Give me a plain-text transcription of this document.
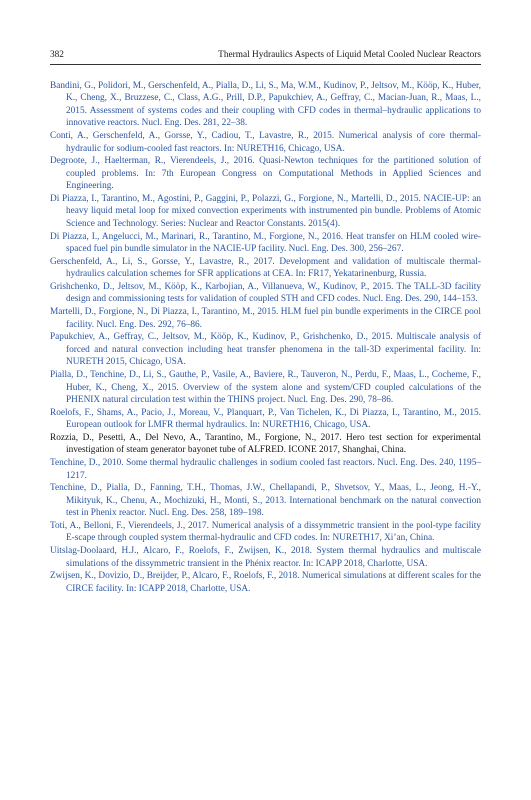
382	Thermal Hydraulics Aspects of Liquid Metal Cooled Nuclear Reactors

Bandini, G., Polidori, M., Gerschenfeld, A., Pialla, D., Li, S., Ma, W.M., Kudinov, P., Jeltsov, M., Kööp, K., Huber, K., Cheng, X., Bruzzese, C., Class, A.G., Prill, D.P., Papukchiev, A., Geffray, C., Macian-Juan, R., Maas, L., 2015. Assessment of systems codes and their coupling with CFD codes in thermal–hydraulic applications to innovative reactors. Nucl. Eng. Des. 281, 22–38.

Conti, A., Gerschenfeld, A., Gorsse, Y., Cadiou, T., Lavastre, R., 2015. Numerical analysis of core thermal-hydraulic for sodium-cooled fast reactors. In: NURETH16, Chicago, USA.

Degroote, J., Haelterman, R., Vierendeels, J., 2016. Quasi-Newton techniques for the partitioned solution of coupled problems. In: 7th European Congress on Computational Methods in Applied Sciences and Engineering.

Di Piazza, I., Tarantino, M., Agostini, P., Gaggini, P., Polazzi, G., Forgione, N., Martelli, D., 2015. NACIE-UP: an heavy liquid metal loop for mixed convection experiments with instrumented pin bundle. Problems of Atomic Science and Technology. Series: Nuclear and Reactor Constants. 2015(4).

Di Piazza, I., Angelucci, M., Marinari, R., Tarantino, M., Forgione, N., 2016. Heat transfer on HLM cooled wire-spaced fuel pin bundle simulator in the NACIE-UP facility. Nucl. Eng. Des. 300, 256–267.

Gerschenfeld, A., Li, S., Gorsse, Y., Lavastre, R., 2017. Development and validation of multiscale thermal-hydraulics calculation schemes for SFR applications at CEA. In: FR17, Yekatarinenburg, Russia.

Grishchenko, D., Jeltsov, M., Kööp, K., Karbojian, A., Villanueva, W., Kudinov, P., 2015. The TALL-3D facility design and commissioning tests for validation of coupled STH and CFD codes. Nucl. Eng. Des. 290, 144–153.

Martelli, D., Forgione, N., Di Piazza, I., Tarantino, M., 2015. HLM fuel pin bundle experiments in the CIRCE pool facility. Nucl. Eng. Des. 292, 76–86.

Papukchiev, A., Geffray, C., Jeltsov, M., Kööp, K., Kudinov, P., Grishchenko, D., 2015. Multiscale analysis of forced and natural convection including heat transfer phenomena in the tall-3D experimental facility. In: NURETH 2015, Chicago, USA.

Pialla, D., Tenchine, D., Li, S., Gauthe, P., Vasile, A., Baviere, R., Tauveron, N., Perdu, F., Maas, L., Cocheme, F., Huber, K., Cheng, X., 2015. Overview of the system alone and system/CFD coupled calculations of the PHENIX natural circulation test within the THINS project. Nucl. Eng. Des. 290, 78–86.

Roelofs, F., Shams, A., Pacio, J., Moreau, V., Planquart, P., Van Tichelen, K., Di Piazza, I., Tarantino, M., 2015. European outlook for LMFR thermal hydraulics. In: NURETH16, Chicago, USA.

Rozzia, D., Pesetti, A., Del Nevo, A., Tarantino, M., Forgione, N., 2017. Hero test section for experimental investigation of steam generator bayonet tube of ALFRED. ICONE 2017, Shanghai, China.

Tenchine, D., 2010. Some thermal hydraulic challenges in sodium cooled fast reactors. Nucl. Eng. Des. 240, 1195–1217.

Tenchine, D., Pialla, D., Fanning, T.H., Thomas, J.W., Chellapandi, P., Shvetsov, Y., Maas, L., Jeong, H.-Y., Mikityuk, K., Chenu, A., Mochizuki, H., Monti, S., 2013. International benchmark on the natural convection test in Phenix reactor. Nucl. Eng. Des. 258, 189–198.

Toti, A., Belloni, F., Vierendeels, J., 2017. Numerical analysis of a dissymmetric transient in the pool-type facility E-scape through coupled system thermal-hydraulic and CFD codes. In: NURETH17, Xi’an, China.

Uitslag-Doolaard, H.J., Alcaro, F., Roelofs, F., Zwijsen, K., 2018. System thermal hydraulics and multiscale simulations of the dissymmetric transient in the Phénix reactor. In: ICAPP 2018, Charlotte, USA.

Zwijsen, K., Dovizio, D., Breijder, P., Alcaro, F., Roelofs, F., 2018. Numerical simulations at different scales for the CIRCE facility. In: ICAPP 2018, Charlotte, USA.
